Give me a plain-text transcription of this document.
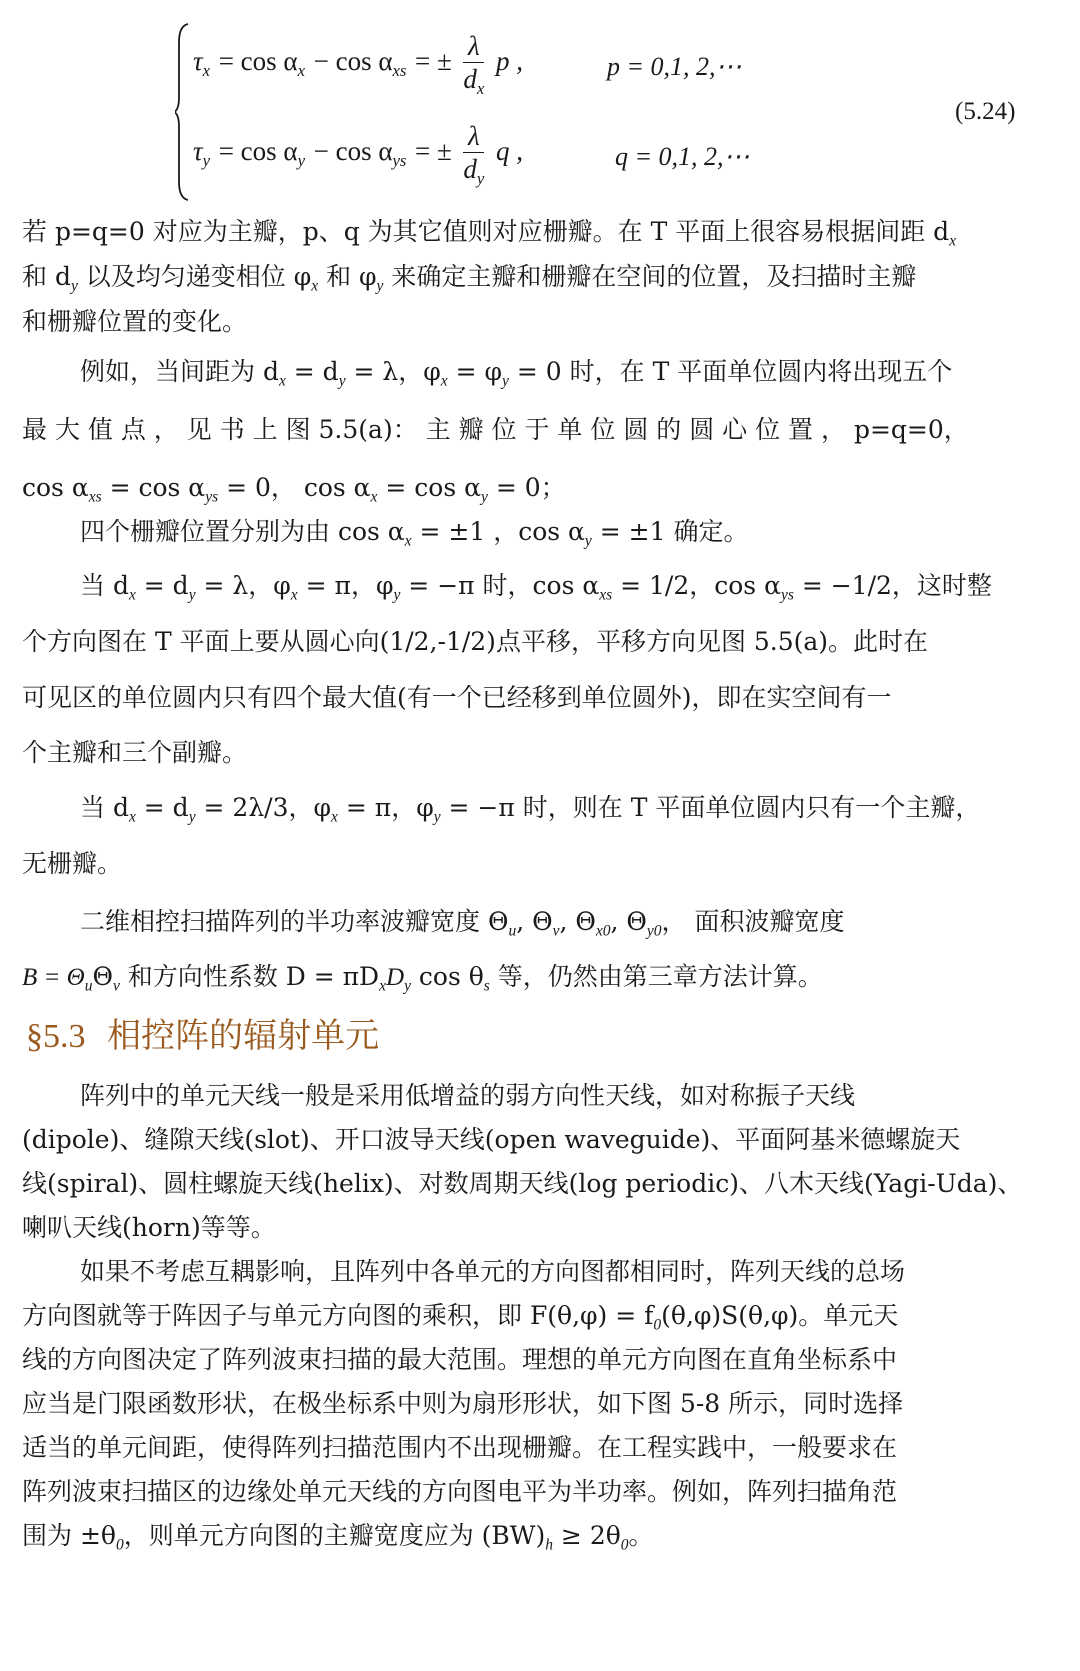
$\tau_x = \cos \alpha_x - \cos \alpha_{xs}$ = ± $\frac{\lambda}{d_x}$ p ,	p = 0,1, 2,⋯
$\tau_y = \cos \alpha_y - \cos \alpha_{ys}$ = ± $\frac{\lambda}{d_y}$ q ,	q = 0,1, 2,⋯
(5.24)
若 p=q=0 对应为主瓣，p、q 为其它值则对应栅瓣。在 T 平面上很容易根据间距 $d_x$
和 $d_y$ 以及均匀递变相位 $\varphi_x$ 和 $\varphi_y$ 来确定主瓣和栅瓣在空间的位置，及扫描时主瓣
和栅瓣位置的变化。
例如，当间距为 $d_x = d_y = \lambda$，$\varphi_x = \varphi_y = 0$ 时，在 T 平面单位圆内将出现五个
最 大 值 点 ， 见 书 上 图 5.5(a)： 主 瓣 位 于 单 位 圆 的 圆 心 位 置 ， p=q=0，
$\cos \alpha_{xs} = \cos \alpha_{ys} = 0$， $\cos \alpha_x = \cos \alpha_y = 0$；
四个栅瓣位置分别为由 $\cos \alpha_x = \pm 1$ ，$\cos \alpha_y = \pm 1$ 确定。
当 $d_x = d_y = \lambda$，$\varphi_x = \pi$，$\varphi_y = -\pi$ 时，$\cos \alpha_{xs} = 1/2$，$\cos \alpha_{ys} = -1/2$，这时整
个方向图在 T 平面上要从圆心向(1/2,-1/2)点平移，平移方向见图 5.5(a)。此时在
可见区的单位圆内只有四个最大值(有一个已经移到单位圆外)，即在实空间有一
个主瓣和三个副瓣。
当 $d_x = d_y = 2\lambda/3$，$\varphi_x = \pi$，$\varphi_y = -\pi$ 时，则在 T 平面单位圆内只有一个主瓣，
无栅瓣。
二维相控扫描阵列的半功率波瓣宽度 $\Theta_u$, $\Theta_v$, $\Theta_{x0}$, $\Theta_{y0}$， 面积波瓣宽度
$B = \Theta_u\Theta_v$ 和方向性系数 $D = \pi D_xD_y$ $\cos \theta_s$ 等，仍然由第三章方法计算。
§5.3 相控阵的辐射单元
阵列中的单元天线一般是采用低增益的弱方向性天线，如对称振子天线
(dipole)、缝隙天线(slot)、开口波导天线(open waveguide)、平面阿基米德螺旋天
线(spiral)、圆柱螺旋天线(helix)、对数周期天线(log periodic)、八木天线(Yagi-Uda)、
喇叭天线(horn)等等。
如果不考虑互耦影响，且阵列中各单元的方向图都相同时，阵列天线的总场
方向图就等于阵因子与单元方向图的乘积，即 $F(\theta,\varphi) = f_0(\theta,\varphi)S(\theta,\varphi)$。单元天
线的方向图决定了阵列波束扫描的最大范围。理想的单元方向图在直角坐标系中
应当是门限函数形状，在极坐标系中则为扇形形状，如下图 5-8 所示，同时选择
适当的单元间距，使得阵列扫描范围内不出现栅瓣。在工程实践中，一般要求在
阵列波束扫描区的边缘处单元天线的方向图电平为半功率。例如，阵列扫描角范
围为 $\pm\theta_0$，则单元方向图的主瓣宽度应为 $(BW)_h \ge 2\theta_0$。
